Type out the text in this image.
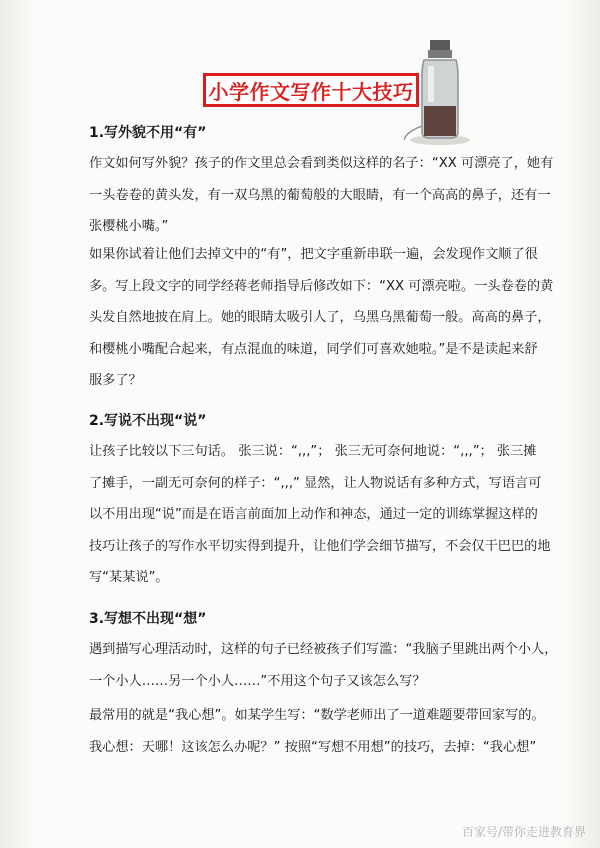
小学作文写作十大技巧
1.写外貌不用“有”
作文如何写外貌？孩子的作文里总会看到类似这样的名子：“XX 可漂亮了，她有
一头卷卷的黄头发，有一双乌黑的葡萄般的大眼睛，有一个高高的鼻子，还有一
张樱桃小嘴。”
如果你试着让他们去掉文中的“有”，把文字重新串联一遍，会发现作文顺了很
多。写上段文字的同学经蒋老师指导后修改如下：“XX 可漂亮啦。一头卷卷的黄
头发自然地披在肩上。她的眼睛太吸引人了，乌黑乌黑葡萄一般。高高的鼻子，
和樱桃小嘴配合起来，有点混血的味道，同学们可喜欢她啦。”是不是读起来舒
服多了？
2.写说不出现“说”
让孩子比较以下三句话。 张三说：“,,,”； 张三无可奈何地说：“,,,”； 张三摊
了摊手，一副无可奈何的样子：“,,,” 显然，让人物说话有多种方式，写语言可
以不用出现“说”而是在语言前面加上动作和神态，通过一定的训练掌握这样的
技巧让孩子的写作水平切实得到提升，让他们学会细节描写，不会仅干巴巴的地
写“某某说”。
3.写想不出现“想”
遇到描写心理活动时，这样的句子已经被孩子们写滥：“我脑子里跳出两个小人，
一个小人……另一个小人……”不用这个句子又该怎么写？
最常用的就是“我心想”。如某学生写：“数学老师出了一道难题要带回家写的。
我心想：天哪！这该怎么办呢？” 按照“写想不用想”的技巧，去掉：“我心想”
百家号/带你走进教育界
